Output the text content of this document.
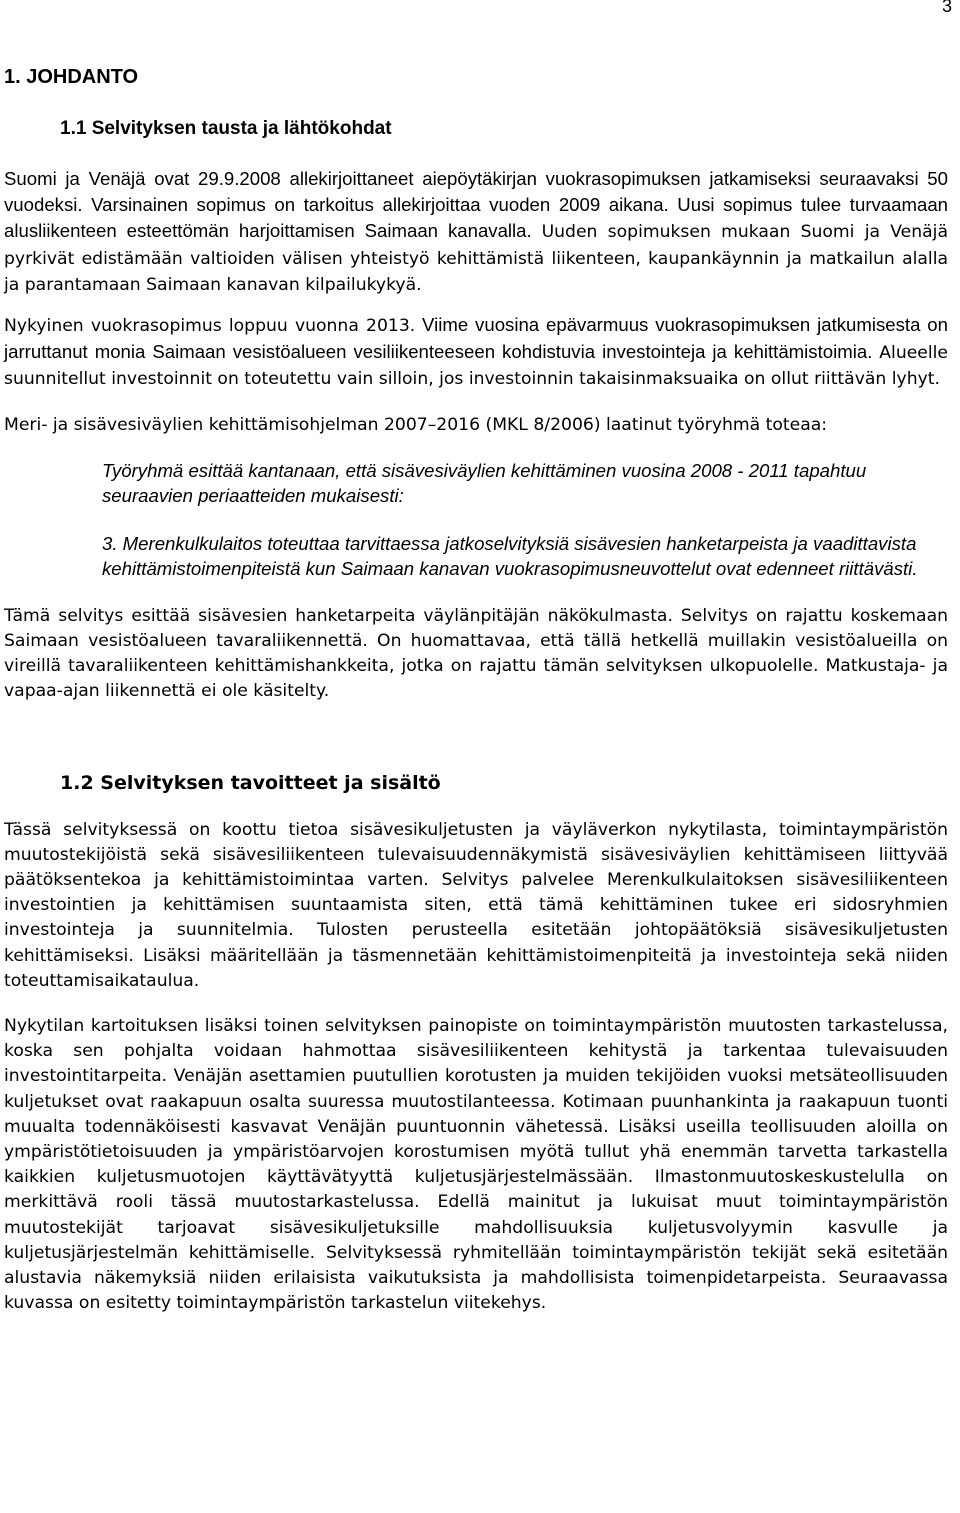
3
1. JOHDANTO
1.1 Selvityksen tausta ja lähtökohdat

Suomi ja Venäjä ovat 29.9.2008 allekirjoittaneet aiepöytäkirjan vuokrasopimuksen jatkamiseksi seuraavaksi 50 vuodeksi. Varsinainen sopimus on tarkoitus allekirjoittaa vuoden 2009 aikana. Uusi sopimus tulee turvaamaan alusliikenteen esteettömän harjoittamisen Saimaan kanavalla. Uuden sopimuksen mukaan Suomi ja Venäjä pyrkivät edistämään valtioiden välisen yhteistyö kehittämistä liikenteen, kaupankäynnin ja matkailun alalla ja parantamaan Saimaan kanavan kilpailukykyä.

Nykyinen vuokrasopimus loppuu vuonna 2013. Viime vuosina epävarmuus vuokrasopimuksen jatkumisesta on jarruttanut monia Saimaan vesistöalueen vesiliikenteeseen kohdistuvia investointeja ja kehittämistoimia. Alueelle suunnitellut investoinnit on toteutettu vain silloin, jos investoinnin takaisinmaksuaika on ollut riittävän lyhyt.

Meri- ja sisävesiväylien kehittämisohjelman 2007–2016 (MKL 8/2006) laatinut työryhmä toteaa:

Työryhmä esittää kantanaan, että sisävesiväylien kehittäminen vuosina 2008 - 2011 tapahtuu seuraavien periaatteiden mukaisesti:

3. Merenkulkulaitos toteuttaa tarvittaessa jatkoselvityksiä sisävesien hanketarpeista ja vaadittavista kehittämistoimenpiteistä kun Saimaan kanavan vuokrasopimusneuvottelut ovat edenneet riittävästi.

Tämä selvitys esittää sisävesien hanketarpeita väylänpitäjän näkökulmasta. Selvitys on rajattu koskemaan Saimaan vesistöalueen tavaraliikennettä. On huomattavaa, että tällä hetkellä muillakin vesistöalueilla on vireillä tavaraliikenteen kehittämishankkeita, jotka on rajattu tämän selvityksen ulkopuolelle. Matkustaja- ja vapaa-ajan liikennettä ei ole käsitelty.

1.2 Selvityksen tavoitteet ja sisältö

Tässä selvityksessä on koottu tietoa sisävesikuljetusten ja väyläverkon nykytilasta, toimintaympäristön muutostekijöistä sekä sisävesiliikenteen tulevaisuudennäkymistä sisävesiväylien kehittämiseen liittyvää päätöksentekoa ja kehittämistoimintaa varten. Selvitys palvelee Merenkulkulaitoksen sisävesiliikenteen investointien ja kehittämisen suuntaamista siten, että tämä kehittäminen tukee eri sidosryhmien investointeja ja suunnitelmia. Tulosten perusteella esitetään johtopäätöksiä sisävesikuljetusten kehittämiseksi. Lisäksi määritellään ja täsmennetään kehittämistoimenpiteitä ja investointeja sekä niiden toteuttamisaikataulua.

Nykytilan kartoituksen lisäksi toinen selvityksen painopiste on toimintaympäristön muutosten tarkastelussa, koska sen pohjalta voidaan hahmottaa sisävesiliikenteen kehitystä ja tarkentaa tulevaisuuden investointitarpeita. Venäjän asettamien puutullien korotusten ja muiden tekijöiden vuoksi metsäteollisuuden kuljetukset ovat raakapuun osalta suuressa muutostilanteessa. Kotimaan puunhankinta ja raakapuun tuonti muualta todennäköisesti kasvavat Venäjän puuntuonnin vähetessä. Lisäksi useilla teollisuuden aloilla on ympäristötietoisuuden ja ympäristöarvojen korostumisen myötä tullut yhä enemmän tarvetta tarkastella kaikkien kuljetusmuotojen käyttävätyyttä kuljetusjärjestelmässään. Ilmastonmuutoskeskustelulla on merkittävä rooli tässä muutostarkastelussa. Edellä mainitut ja lukuisat muut toimintaympäristön muutostekijät tarjoavat sisävesikuljetuksille mahdollisuuksia kuljetusvolyymin kasvulle ja kuljetusjärjestelmän kehittämiselle. Selvityksessä ryhmitellään toimintaympäristön tekijät sekä esitetään alustavia näkemyksiä niiden erilaisista vaikutuksista ja mahdollisista toimenpidetarpeista. Seuraavassa kuvassa on esitetty toimintaympäristön tarkastelun viitekehys.
